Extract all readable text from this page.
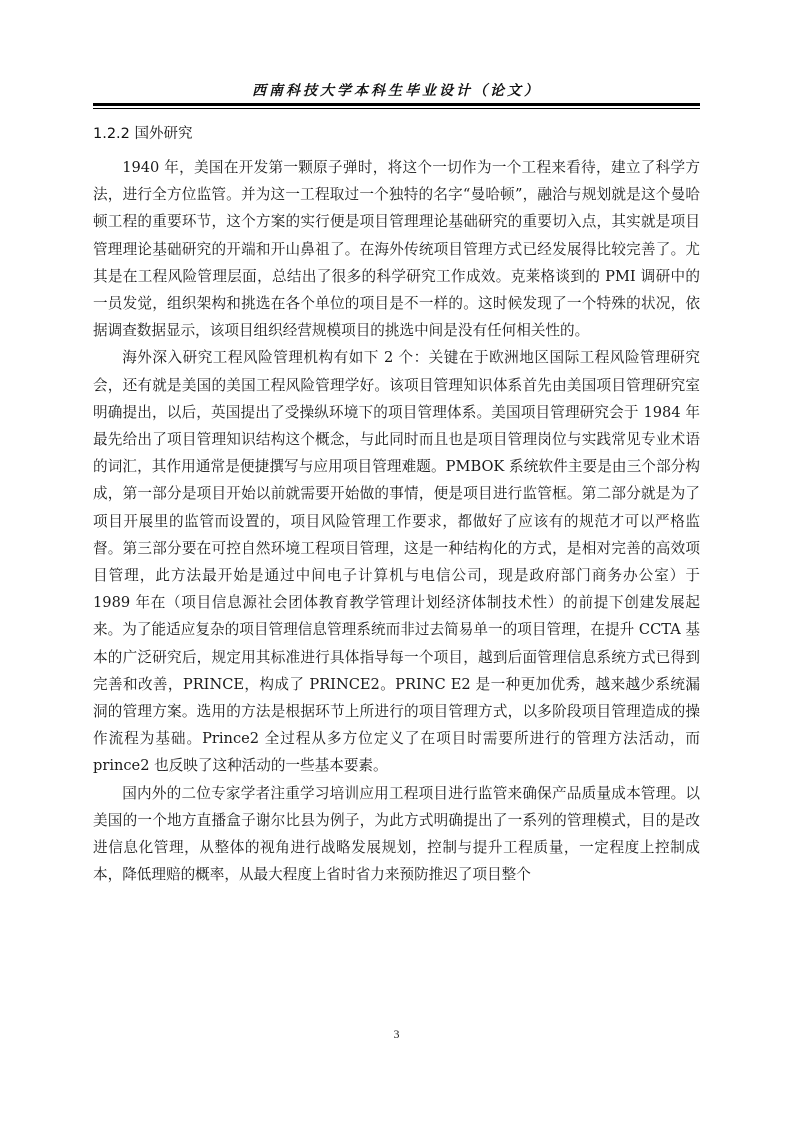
西南科技大学本科生毕业设计（论文）
1.2.2 国外研究

1940 年，美国在开发第一颗原子弹时，将这个一切作为一个工程来看待，建立了科学方法，进行全方位监管。并为这一工程取过一个独特的名字“曼哈顿”，融洽与规划就是这个曼哈顿工程的重要环节，这个方案的实行便是项目管理理论基础研究的重要切入点，其实就是项目管理理论基础研究的开端和开山鼻祖了。在海外传统项目管理方式已经发展得比较完善了。尤其是在工程风险管理层面，总结出了很多的科学研究工作成效。克莱格谈到的 PMI 调研中的一员发觉，组织架构和挑选在各个单位的项目是不一样的。这时候发现了一个特殊的状况，依据调查数据显示，该项目组织经营规模项目的挑选中间是没有任何相关性的。

海外深入研究工程风险管理机构有如下 2 个：关键在于欧洲地区国际工程风险管理研究会，还有就是美国的美国工程风险管理学好。该项目管理知识体系首先由美国项目管理研究室明确提出，以后，英国提出了受操纵环境下的项目管理体系。美国项目管理研究会于 1984 年最先给出了项目管理知识结构这个概念，与此同时而且也是项目管理岗位与实践常见专业术语的词汇，其作用通常是便捷撰写与应用项目管理难题。PMBOK 系统软件主要是由三个部分构成，第一部分是项目开始以前就需要开始做的事情，便是项目进行监管框。第二部分就是为了项目开展里的监管而设置的，项目风险管理工作要求，都做好了应该有的规范才可以严格监督。第三部分要在可控自然环境工程项目管理，这是一种结构化的方式，是相对完善的高效项目管理，此方法最开始是通过中间电子计算机与电信公司，现是政府部门商务办公室）于 1989 年在（项目信息源社会团体教育教学管理计划经济体制技术性）的前提下创建发展起来。为了能适应复杂的项目管理信息管理系统而非过去简易单一的项目管理，在提升 CCTA 基本的广泛研究后，规定用其标准进行具体指导每一个项目，越到后面管理信息系统方式已得到完善和改善，PRINCE，构成了 PRINCE2。PRINC E2 是一种更加优秀，越来越少系统漏洞的管理方案。选用的方法是根据环节上所进行的项目管理方式，以多阶段项目管理造成的操作流程为基础。Prince2 全过程从多方位定义了在项目时需要所进行的管理方法活动，而 prince2 也反映了这种活动的一些基本要素。

国内外的二位专家学者注重学习培训应用工程项目进行监管来确保产品质量成本管理。以美国的一个地方直播盒子谢尔比县为例子，为此方式明确提出了一系列的管理模式，目的是改进信息化管理，从整体的视角进行战略发展规划，控制与提升工程质量，一定程度上控制成本，降低理赔的概率，从最大程度上省时省力来预防推迟了项目整个

3
